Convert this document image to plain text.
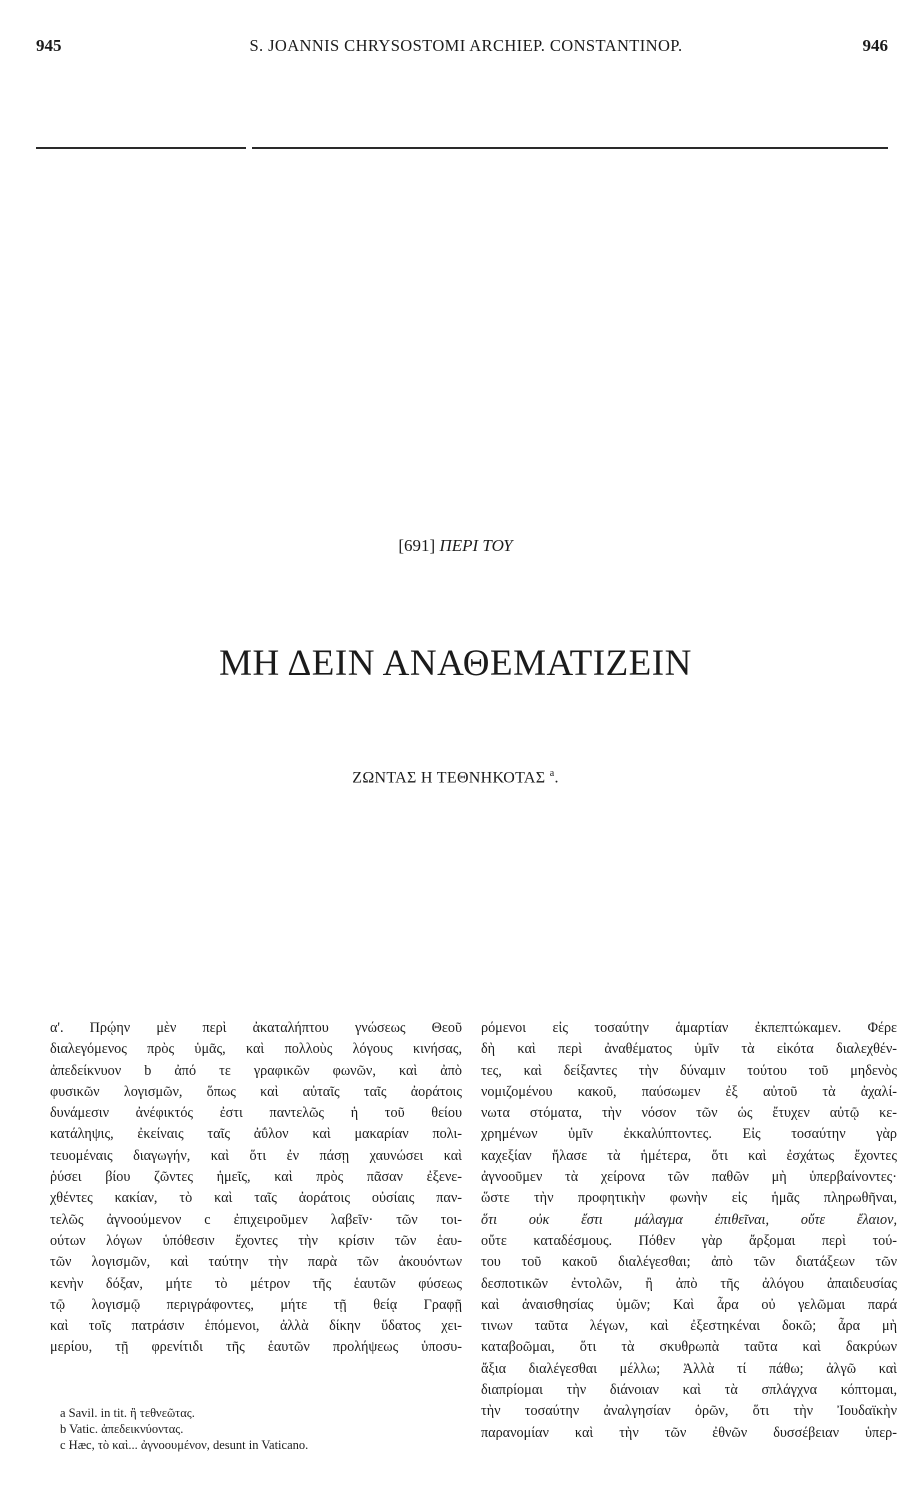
945	S. JOANNIS CHRYSOSTOMI ARCHIEP. CONSTANTINOP.	946
[691] ΠΕΡΙ ΤΟΥ
ΜΗ ΔΕΙΝ ΑΝΑΘΕΜΑΤΙΖΕΙΝ
ΖΩΝΤΑΣ Η ΤΕΘΝΗΚΟΤΑΣ $^a$.
α'. Πρῴην μὲν περὶ ἀκαταλήπτου γνώσεως Θεοῦ
διαλεγόμενος πρὸς ὑμᾶς, καὶ πολλοὺς λόγους κινήσας,
ἀπεδείκνυον b ἀπό τε γραφικῶν φωνῶν, καὶ ἀπὸ
φυσικῶν λογισμῶν, ὅπως καὶ αὐταῖς ταῖς ἀοράτοις
δυνάμεσιν ἀνέφικτός ἐστι παντελῶς ἡ τοῦ θείου
κατάληψις, ἐκείναις ταῖς ἀΰλον καὶ μακαρίαν πολι-
τευομέναις διαγωγήν, καὶ ὅτι ἐν πάσῃ χαυνώσει καὶ
ῥύσει βίου ζῶντες ἡμεῖς, καὶ πρὸς πᾶσαν ἐξενε-
χθέντες κακίαν, τὸ καὶ ταῖς ἀοράτοις οὐσίαις παν-
τελῶς ἀγνοούμενον c ἐπιχειροῦμεν λαβεῖν· τῶν τοι-
ούτων λόγων ὑπόθεσιν ἔχοντες τὴν κρίσιν τῶν ἑαυ-
τῶν λογισμῶν, καὶ ταύτην τὴν παρὰ τῶν ἀκουόντων
κενὴν δόξαν, μήτε τὸ μέτρον τῆς ἑαυτῶν φύσεως
τῷ λογισμῷ περιγράφοντες, μήτε τῇ θείᾳ Γραφῇ
καὶ τοῖς πατράσιν ἑπόμενοι, ἀλλὰ δίκην ὕδατος χει-
μερίου, τῇ φρενίτιδι τῆς ἑαυτῶν προλήψεως ὑποσυ-
ρόμενοι εἰς τοσαύτην ἁμαρτίαν ἐκπεπτώκαμεν. Φέρε
δὴ καὶ περὶ ἀναθέματος ὑμῖν τὰ εἰκότα διαλεχθέν-
τες, καὶ δείξαντες τὴν δύναμιν τούτου τοῦ μηδενὸς
νομιζομένου κακοῦ, παύσωμεν ἐξ αὐτοῦ τὰ ἀχαλί-
νωτα στόματα, τὴν νόσον τῶν ὡς ἔτυχεν αὐτῷ κε-
χρημένων ὑμῖν ἐκκαλύπτοντες. Εἰς τοσαύτην γὰρ
καχεξίαν ἤλασε τὰ ἡμέτερα, ὅτι καὶ ἐσχάτως ἔχοντες
ἀγνοοῦμεν τὰ χείρονα τῶν παθῶν μὴ ὑπερβαίνοντες·
ὥστε τὴν προφητικὴν φωνὴν εἰς ἡμᾶς πληρωθῆναι,
ὅτι οὐκ ἔστι μάλαγμα ἐπιθεῖναι, οὔτε ἔλαιον,
οὔτε καταδέσμους. Πόθεν γὰρ ἄρξομαι περὶ τού-
του τοῦ κακοῦ διαλέγεσθαι; ἀπὸ τῶν διατάξεων τῶν
δεσποτικῶν ἐντολῶν, ἢ ἀπὸ τῆς ἀλόγου ἀπαιδευσίας
καὶ ἀναισθησίας ὑμῶν; Καὶ ἆρα οὐ γελῶμαι παρά
τινων ταῦτα λέγων, καὶ ἐξεστηκέναι δοκῶ; ἆρα μὴ
καταβοῶμαι, ὅτι τὰ σκυθρωπὰ ταῦτα καὶ δακρύων
ἄξια διαλέγεσθαι μέλλω; Ἀλλὰ τί πάθω; ἀλγῶ καὶ
διαπρίομαι τὴν διάνοιαν καὶ τὰ σπλάγχνα κόπτομαι,
τὴν τοσαύτην ἀναλγησίαν ὁρῶν, ὅτι τὴν Ἰουδαϊκὴν
παρανομίαν καὶ τὴν τῶν ἐθνῶν δυσσέβειαν ὑπερ-
a Savil. in tit. ἢ τεθνεῶτας.
b Vatic. ἀπεδεικνύοντας.
c Hæc, τὸ καὶ... ἀγνοουμένον, desunt in Vaticano.
